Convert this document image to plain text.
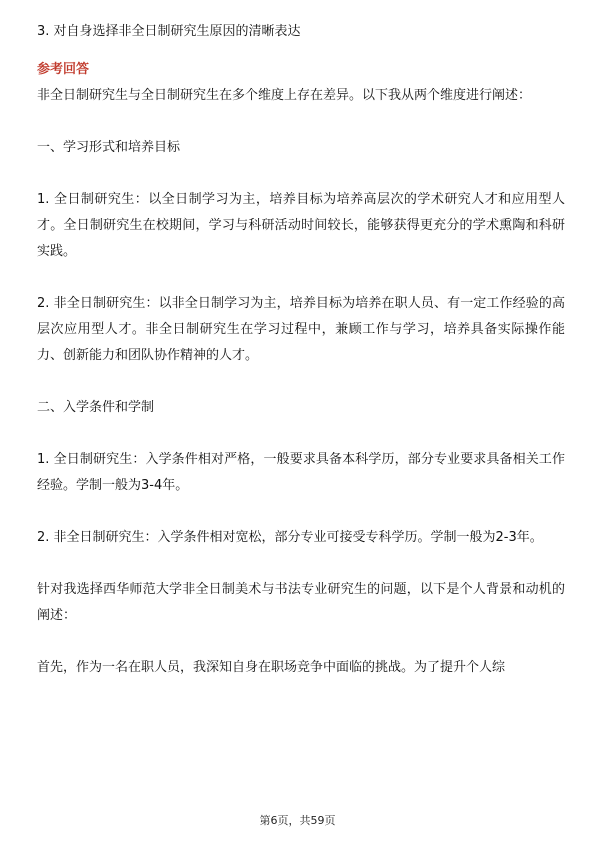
3. 对自身选择非全日制研究生原因的清晰表达
参考回答

非全日制研究生与全日制研究生在多个维度上存在差异。以下我从两个维度进行阐述：

一、学习形式和培养目标

1. 全日制研究生：以全日制学习为主，培养目标为培养高层次的学术研究人才和应用型人才。全日制研究生在校期间，学习与科研活动时间较长，能够获得更充分的学术熏陶和科研实践。

2. 非全日制研究生：以非全日制学习为主，培养目标为培养在职人员、有一定工作经验的高层次应用型人才。非全日制研究生在学习过程中，兼顾工作与学习，培养具备实际操作能力、创新能力和团队协作精神的人才。

二、入学条件和学制

1. 全日制研究生：入学条件相对严格，一般要求具备本科学历，部分专业要求具备相关工作经验。学制一般为3-4年。

2. 非全日制研究生：入学条件相对宽松，部分专业可接受专科学历。学制一般为2-3年。

针对我选择西华师范大学非全日制美术与书法专业研究生的问题，以下是个人背景和动机的阐述：

首先，作为一名在职人员，我深知自身在职场竞争中面临的挑战。为了提升个人综

第6页，共59页
